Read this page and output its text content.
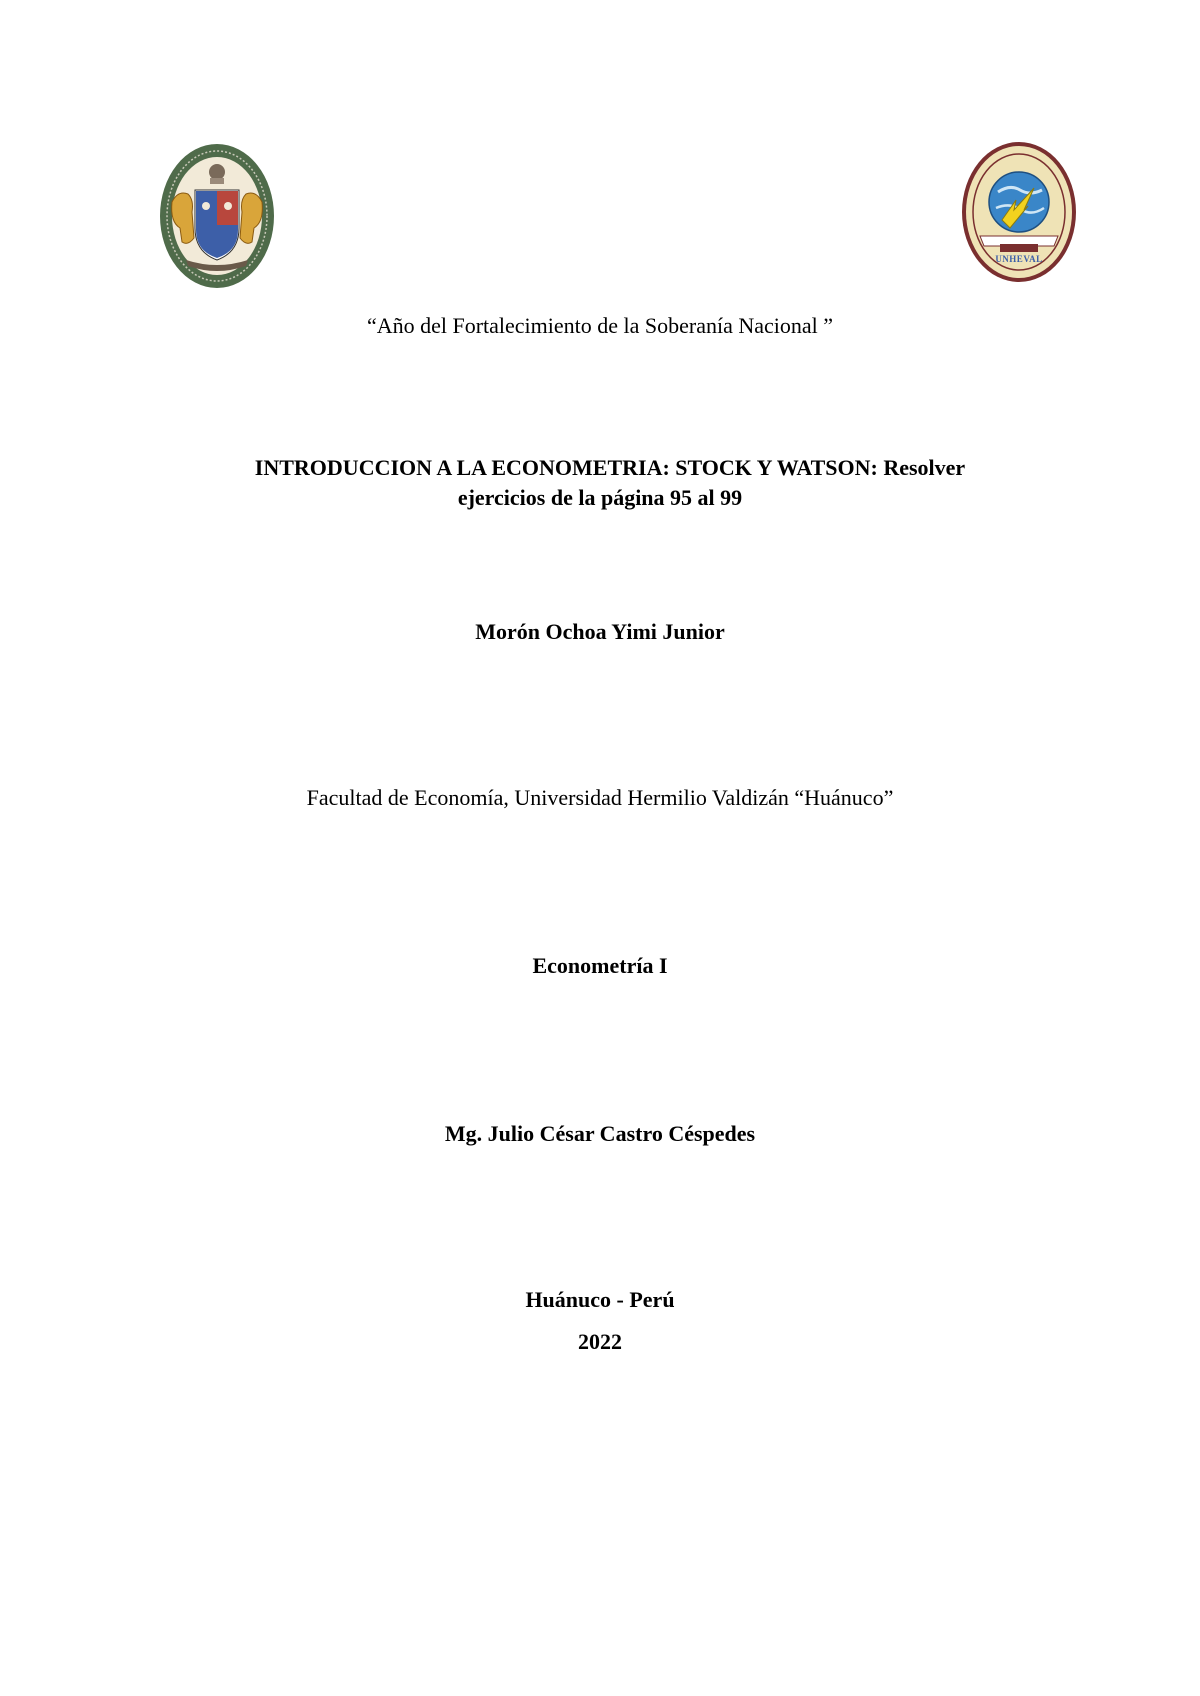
UNHEVAL
“Año del Fortalecimiento de la Soberanía Nacional ”
INTRODUCCION A LA ECONOMETRIA: STOCK Y WATSON: Resolver
ejercicios de la página 95 al 99
Morón Ochoa Yimi Junior
Facultad de Economía, Universidad Hermilio Valdizán “Huánuco”
Econometría I
Mg. Julio César Castro Céspedes
Huánuco - Perú
2022
